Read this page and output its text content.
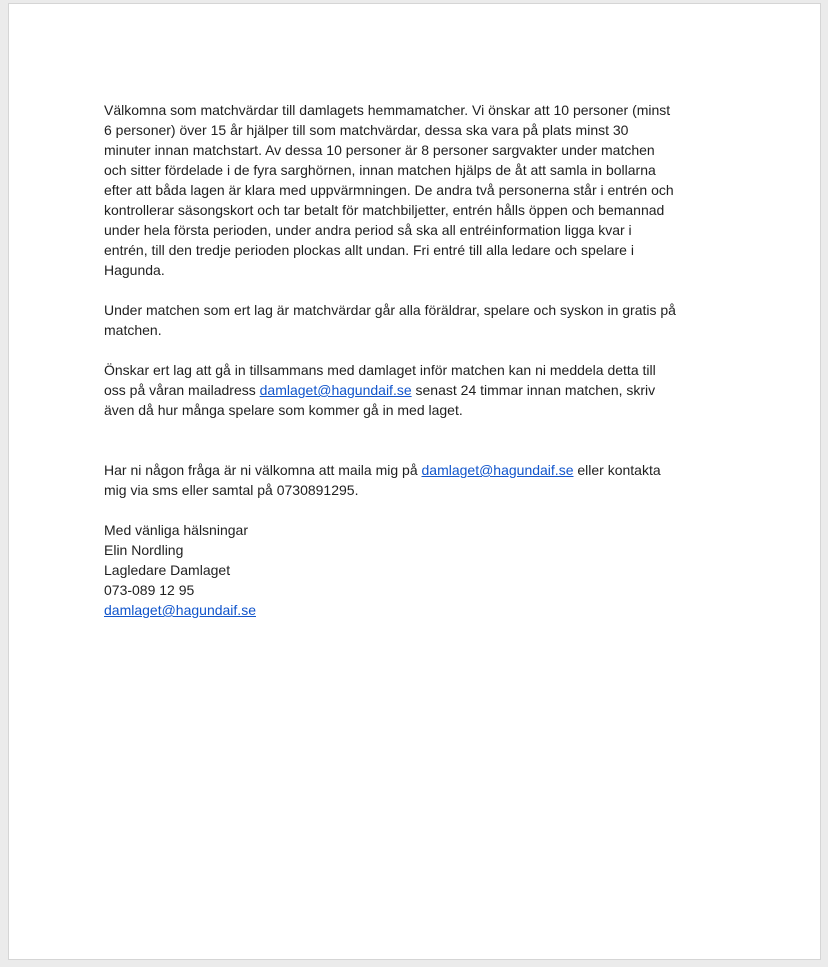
Välkomna som matchvärdar till damlagets hemmamatcher. Vi önskar att 10 personer (minst
6 personer) över 15 år hjälper till som matchvärdar, dessa ska vara på plats minst 30
minuter innan matchstart. Av dessa 10 personer är 8 personer sargvakter under matchen
och sitter fördelade i de fyra sarghörnen, innan matchen hjälps de åt att samla in bollarna
efter att båda lagen är klara med uppvärmningen. De andra två personerna står i entrén och
kontrollerar säsongskort och tar betalt för matchbiljetter, entrén hålls öppen och bemannad
under hela första perioden, under andra period så ska all entréinformation ligga kvar i
entrén, till den tredje perioden plockas allt undan. Fri entré till alla ledare och spelare i
Hagunda.
Under matchen som ert lag är matchvärdar går alla föräldrar, spelare och syskon in gratis på
matchen.
Önskar ert lag att gå in tillsammans med damlaget inför matchen kan ni meddela detta till
oss på våran mailadress damlaget@hagundaif.se senast 24 timmar innan matchen, skriv
även då hur många spelare som kommer gå in med laget.
Har ni någon fråga är ni välkomna att maila mig på damlaget@hagundaif.se eller kontakta
mig via sms eller samtal på 0730891295.
Med vänliga hälsningar
Elin Nordling
Lagledare Damlaget
073-089 12 95
damlaget@hagundaif.se
